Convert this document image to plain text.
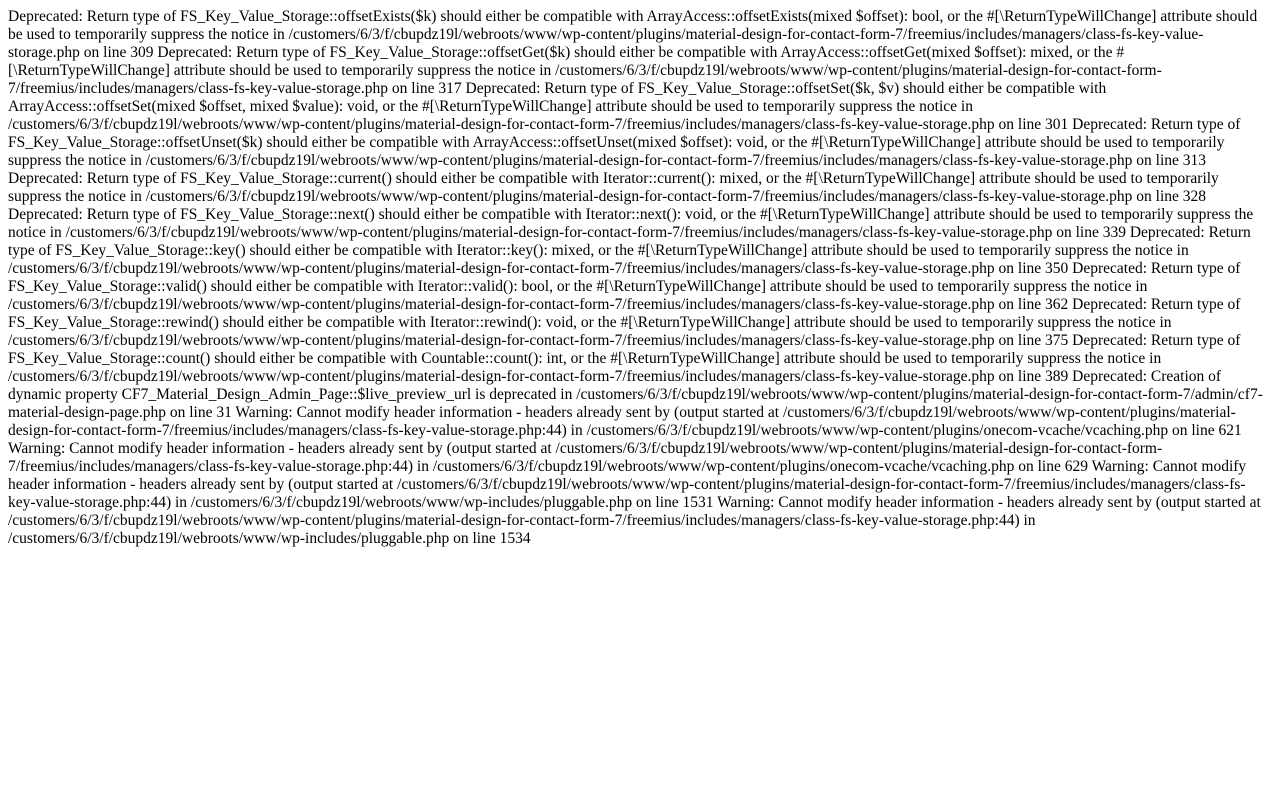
Deprecated: Return type of FS_Key_Value_Storage::offsetExists($k) should either be compatible with ArrayAccess::offsetExists(mixed $offset): bool, or the #[\ReturnTypeWillChange] attribute should be used to temporarily suppress the notice in /customers/6/3/f/cbupdz19l/webroots/www/wp-content/plugins/material-design-for-contact-form-7/freemius/includes/managers/class-fs-key-value-storage.php on line 309 Deprecated: Return type of FS_Key_Value_Storage::offsetGet($k) should either be compatible with ArrayAccess::offsetGet(mixed $offset): mixed, or the #[\ReturnTypeWillChange] attribute should be used to temporarily suppress the notice in /customers/6/3/f/cbupdz19l/webroots/www/wp-content/plugins/material-design-for-contact-form-7/freemius/includes/managers/class-fs-key-value-storage.php on line 317 Deprecated: Return type of FS_Key_Value_Storage::offsetSet($k, $v) should either be compatible with ArrayAccess::offsetSet(mixed $offset, mixed $value): void, or the #[\ReturnTypeWillChange] attribute should be used to temporarily suppress the notice in /customers/6/3/f/cbupdz19l/webroots/www/wp-content/plugins/material-design-for-contact-form-7/freemius/includes/managers/class-fs-key-value-storage.php on line 301 Deprecated: Return type of FS_Key_Value_Storage::offsetUnset($k) should either be compatible with ArrayAccess::offsetUnset(mixed $offset): void, or the #[\ReturnTypeWillChange] attribute should be used to temporarily suppress the notice in /customers/6/3/f/cbupdz19l/webroots/www/wp-content/plugins/material-design-for-contact-form-7/freemius/includes/managers/class-fs-key-value-storage.php on line 313 Deprecated: Return type of FS_Key_Value_Storage::current() should either be compatible with Iterator::current(): mixed, or the #[\ReturnTypeWillChange] attribute should be used to temporarily suppress the notice in /customers/6/3/f/cbupdz19l/webroots/www/wp-content/plugins/material-design-for-contact-form-7/freemius/includes/managers/class-fs-key-value-storage.php on line 328 Deprecated: Return type of FS_Key_Value_Storage::next() should either be compatible with Iterator::next(): void, or the #[\ReturnTypeWillChange] attribute should be used to temporarily suppress the notice in /customers/6/3/f/cbupdz19l/webroots/www/wp-content/plugins/material-design-for-contact-form-7/freemius/includes/managers/class-fs-key-value-storage.php on line 339 Deprecated: Return type of FS_Key_Value_Storage::key() should either be compatible with Iterator::key(): mixed, or the #[\ReturnTypeWillChange] attribute should be used to temporarily suppress the notice in /customers/6/3/f/cbupdz19l/webroots/www/wp-content/plugins/material-design-for-contact-form-7/freemius/includes/managers/class-fs-key-value-storage.php on line 350 Deprecated: Return type of FS_Key_Value_Storage::valid() should either be compatible with Iterator::valid(): bool, or the #[\ReturnTypeWillChange] attribute should be used to temporarily suppress the notice in /customers/6/3/f/cbupdz19l/webroots/www/wp-content/plugins/material-design-for-contact-form-7/freemius/includes/managers/class-fs-key-value-storage.php on line 362 Deprecated: Return type of FS_Key_Value_Storage::rewind() should either be compatible with Iterator::rewind(): void, or the #[\ReturnTypeWillChange] attribute should be used to temporarily suppress the notice in /customers/6/3/f/cbupdz19l/webroots/www/wp-content/plugins/material-design-for-contact-form-7/freemius/includes/managers/class-fs-key-value-storage.php on line 375 Deprecated: Return type of FS_Key_Value_Storage::count() should either be compatible with Countable::count(): int, or the #[\ReturnTypeWillChange] attribute should be used to temporarily suppress the notice in /customers/6/3/f/cbupdz19l/webroots/www/wp-content/plugins/material-design-for-contact-form-7/freemius/includes/managers/class-fs-key-value-storage.php on line 389 Deprecated: Creation of dynamic property CF7_Material_Design_Admin_Page::$live_preview_url is deprecated in /customers/6/3/f/cbupdz19l/webroots/www/wp-content/plugins/material-design-for-contact-form-7/admin/cf7-material-design-page.php on line 31 Warning: Cannot modify header information - headers already sent by (output started at /customers/6/3/f/cbupdz19l/webroots/www/wp-content/plugins/material-design-for-contact-form-7/freemius/includes/managers/class-fs-key-value-storage.php:44) in /customers/6/3/f/cbupdz19l/webroots/www/wp-content/plugins/onecom-vcache/vcaching.php on line 621 Warning: Cannot modify header information - headers already sent by (output started at /customers/6/3/f/cbupdz19l/webroots/www/wp-content/plugins/material-design-for-contact-form-7/freemius/includes/managers/class-fs-key-value-storage.php:44) in /customers/6/3/f/cbupdz19l/webroots/www/wp-content/plugins/onecom-vcache/vcaching.php on line 629 Warning: Cannot modify header information - headers already sent by (output started at /customers/6/3/f/cbupdz19l/webroots/www/wp-content/plugins/material-design-for-contact-form-7/freemius/includes/managers/class-fs-key-value-storage.php:44) in /customers/6/3/f/cbupdz19l/webroots/www/wp-includes/pluggable.php on line 1531 Warning: Cannot modify header information - headers already sent by (output started at /customers/6/3/f/cbupdz19l/webroots/www/wp-content/plugins/material-design-for-contact-form-7/freemius/includes/managers/class-fs-key-value-storage.php:44) in /customers/6/3/f/cbupdz19l/webroots/www/wp-includes/pluggable.php on line 1534
